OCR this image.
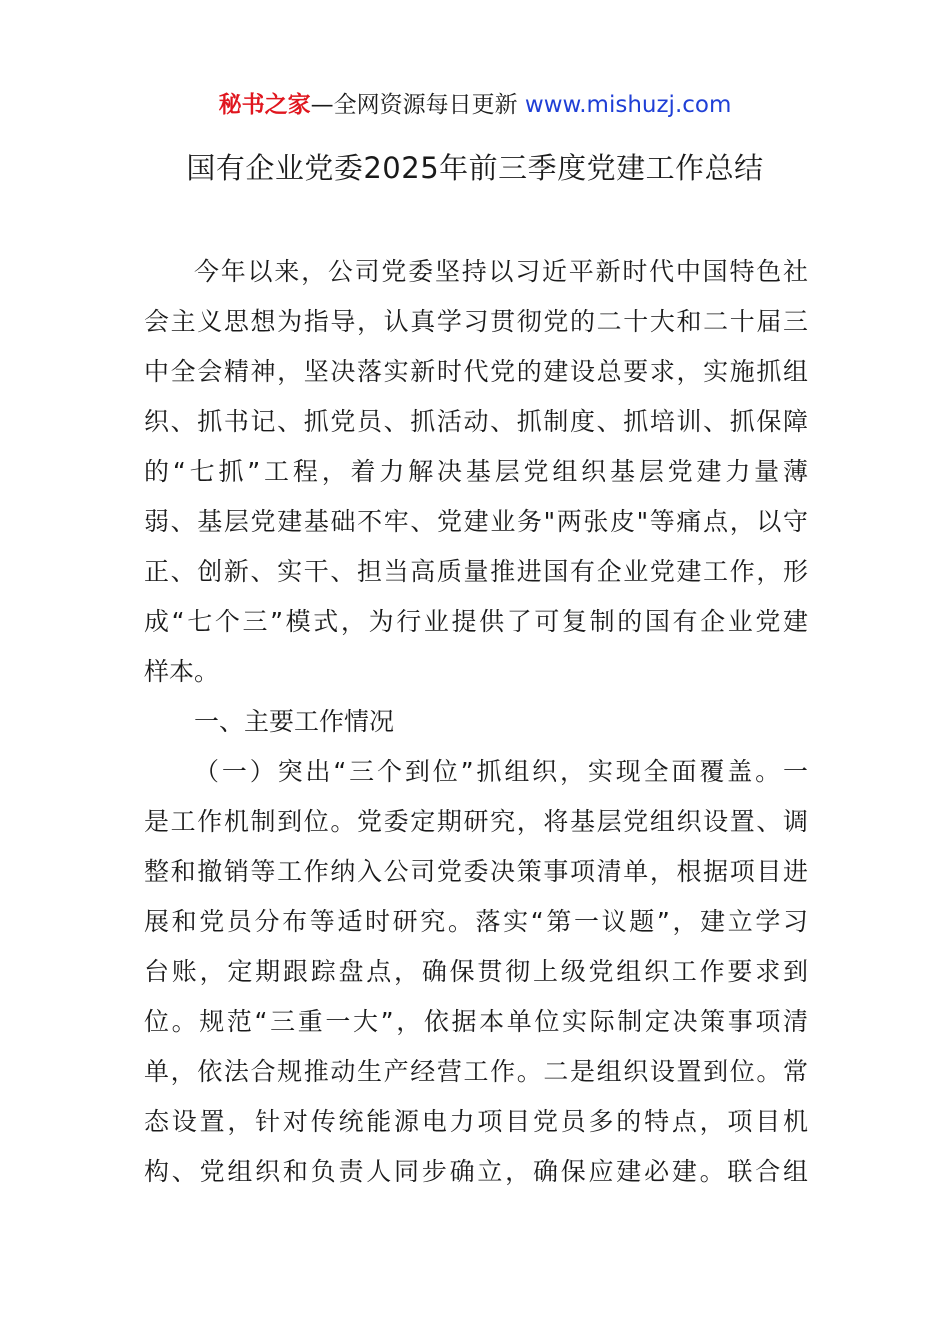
秘书之家—全网资源每日更新 www.mishuzj.com
国有企业党委2025年前三季度党建工作总结
今年以来，公司党委坚持以习近平新时代中国特色社
会主义思想为指导，认真学习贯彻党的二十大和二十届三
中全会精神，坚决落实新时代党的建设总要求，实施抓组
织、抓书记、抓党员、抓活动、抓制度、抓培训、抓保障
的“七抓”工程，着力解决基层党组织基层党建力量薄
弱、基层党建基础不牢、党建业务"两张皮"等痛点，以守
正、创新、实干、担当高质量推进国有企业党建工作，形
成“七个三”模式，为行业提供了可复制的国有企业党建
样本。
一、主要工作情况
（一）突出“三个到位”抓组织，实现全面覆盖。一
是工作机制到位。党委定期研究，将基层党组织设置、调
整和撤销等工作纳入公司党委决策事项清单，根据项目进
展和党员分布等适时研究。落实“第一议题”，建立学习
台账，定期跟踪盘点，确保贯彻上级党组织工作要求到
位。规范“三重一大”，依据本单位实际制定决策事项清
单，依法合规推动生产经营工作。二是组织设置到位。常
态设置，针对传统能源电力项目党员多的特点，项目机
构、党组织和负责人同步确立，确保应建必建。联合组
